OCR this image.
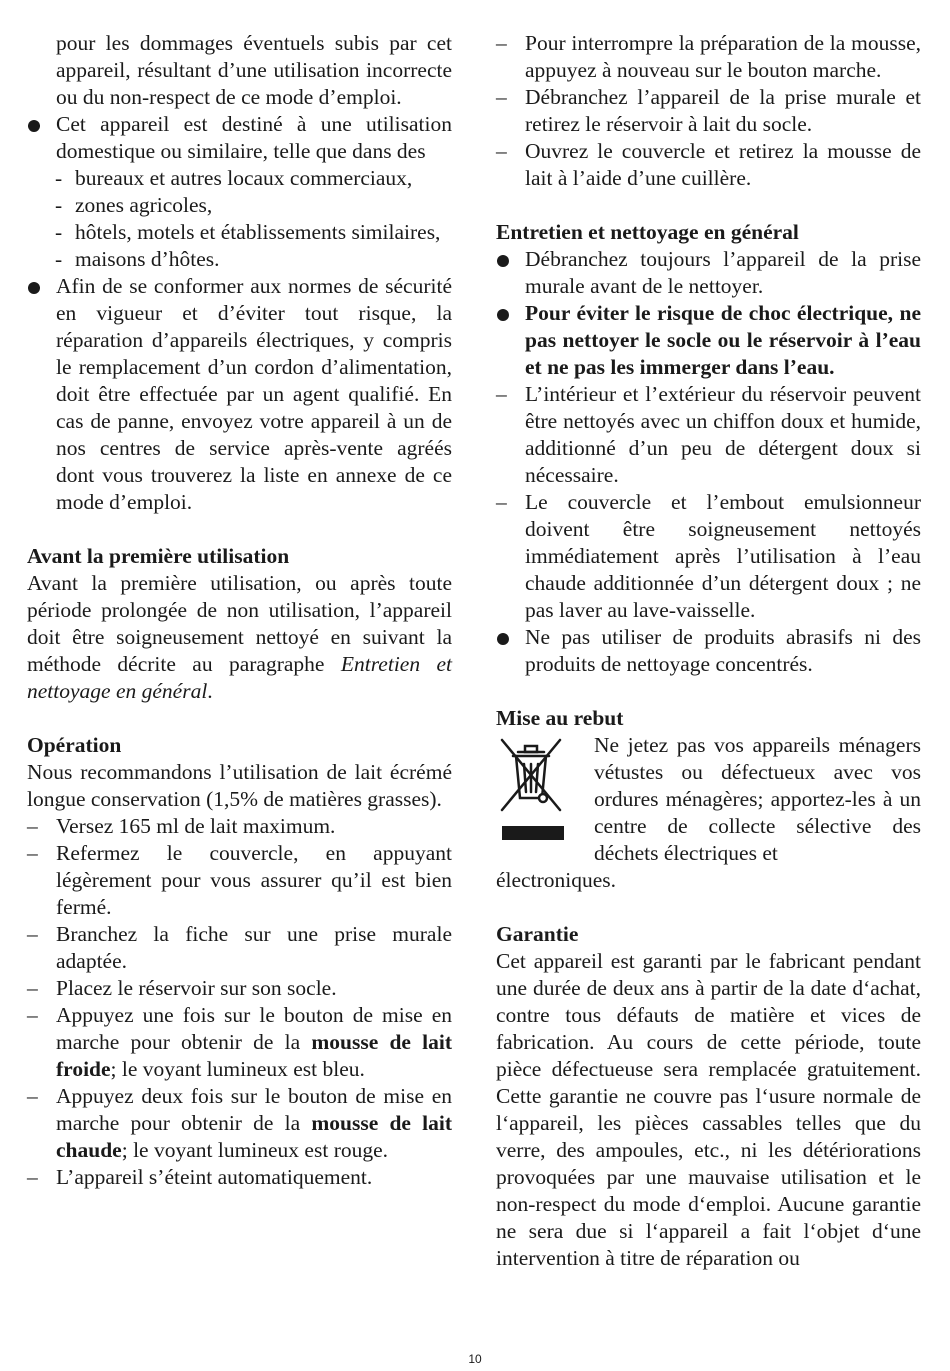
pour les dommages éventuels subis par cet appareil, résultant d’une utilisation incorrecte ou du non-respect de ce mode d’emploi.

Cet appareil est destiné à une utilisation domestique ou similaire, telle que dans des
- bureaux et autres locaux commerciaux,
- zones agricoles,
- hôtels, motels et établissements similaires,
- maisons d’hôtes.
Afin de se conformer aux normes de sécurité en vigueur et d’éviter tout risque, la réparation d’appareils électriques, y compris le remplacement d’un cordon d’alimentation, doit être effectuée par un agent qualifié. En cas de panne, envoyez votre appareil à un de nos centres de service après-vente agréés dont vous trouverez la liste en annexe de ce mode d’emploi.
Avant la première utilisation

Avant la première utilisation, ou après toute période prolongée de non utilisation, l’appareil doit être soigneusement nettoyé en suivant la méthode décrite au paragraphe Entretien et nettoyage en général.

Opération

Nous recommandons l’utilisation de lait écrémé longue conservation (1,5% de matières grasses).

– Versez 165 ml de lait maximum.
– Refermez le couvercle, en appuyant légèrement pour vous assurer qu’il est bien fermé.
– Branchez la fiche sur une prise murale adaptée.
– Placez le réservoir sur son socle.
– Appuyez une fois sur le bouton de mise en marche pour obtenir de la mousse de lait froide; le voyant lumineux est bleu.
– Appuyez deux fois sur le bouton de mise en marche pour obtenir de la mousse de lait chaude; le voyant lumineux est rouge.
– L’appareil s’éteint automatiquement.
– Pour interrompre la préparation de la mousse, appuyez à nouveau sur le bouton marche.
– Débranchez l’appareil de la prise murale et retirez le réservoir à lait du socle.
– Ouvrez le couvercle et retirez la mousse de lait à l’aide d’une cuillère.
Entretien et nettoyage en général
Débranchez toujours l’appareil de la prise murale avant de le nettoyer.
Pour éviter le risque de choc électrique, ne pas nettoyer le socle ou le réservoir à l’eau et ne pas les immerger dans l’eau.
– L’intérieur et l’extérieur du réservoir peuvent être nettoyés avec un chiffon doux et humide, additionné d’un peu de détergent doux si nécessaire.
– Le couvercle et l’embout emulsionneur doivent être soigneusement nettoyés immédiatement après l’utilisation à l’eau chaude additionnée d’un détergent doux ; ne pas laver au lave-vaisselle.
Ne pas utiliser de produits abrasifs ni des produits de nettoyage concentrés.
Mise au rebut

Ne jetez pas vos appareils ménagers vétustes ou défectueux avec vos ordures ménagères; apportez-les à un centre de collecte sélective des déchets électriques et

électroniques.

Garantie

Cet appareil est garanti par le fabricant pendant une durée de deux ans à partir de la date d‘achat, contre tous défauts de matière et vices de fabrication. Au cours de cette période, toute pièce défectueuse sera remplacée gratuitement. Cette garantie ne couvre pas l‘usure normale de l‘appareil, les pièces cassables telles que du verre, des ampoules, etc., ni les détériorations provoquées par une mauvaise utilisation et le non-respect du mode d‘emploi. Aucune garantie ne sera due si l‘appareil a fait l‘objet d‘une intervention à titre de réparation ou

10
